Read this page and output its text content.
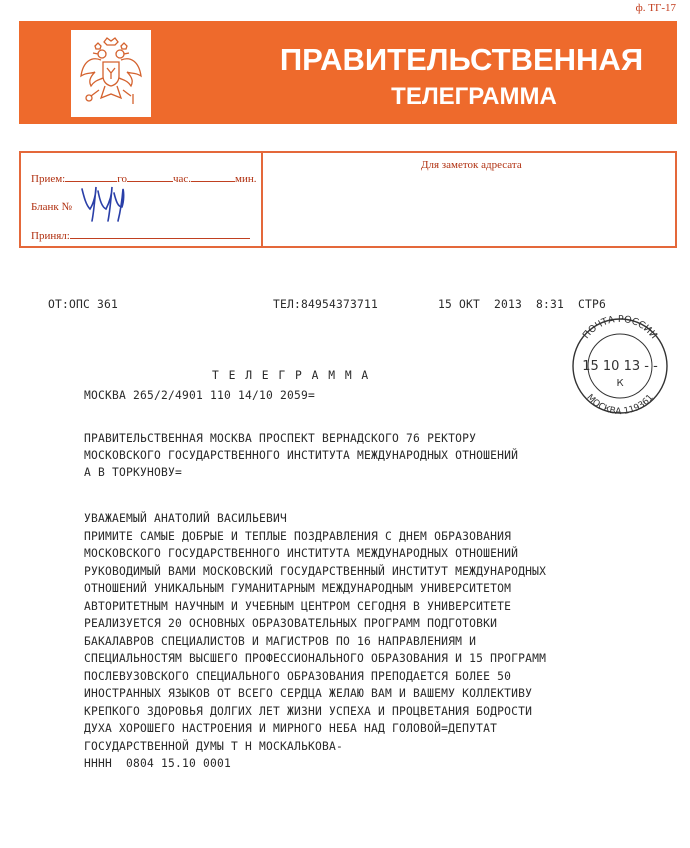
ф. ТГ-17
ПРАВИТЕЛЬСТВЕННАЯ
ТЕЛЕГРАММА
Прием:	го	час.	мин.
Бланк №
Принял:
Для заметок адресата
ОТ:ОПС 361	ТЕЛ:84954373711	15 ОКТ  2013  8:31 СТР6
ПОЧТА РОССИИ
МОСКВА 119361
15 10 13 - -
К
Т Е Л Е Г Р А М М А
МОСКВА 265/2/4901 110 14/10 2059=
ПРАВИТЕЛЬСТВЕННАЯ МОСКВА ПРОСПЕКТ ВЕРНАДСКОГО 76 РЕКТОРУ
МОСКОВСКОГО ГОСУДАРСТВЕННОГО ИНСТИТУТА МЕЖДУНАРОДНЫХ ОТНОШЕНИЙ
А В ТОРКУНОВУ=
УВАЖАЕМЫЙ АНАТОЛИЙ ВАСИЛЬЕВИЧ
ПРИМИТЕ САМЫЕ ДОБРЫЕ И ТЕПЛЫЕ ПОЗДРАВЛЕНИЯ С ДНЕМ ОБРАЗОВАНИЯ
МОСКОВСКОГО ГОСУДАРСТВЕННОГО ИНСТИТУТА МЕЖДУНАРОДНЫХ ОТНОШЕНИЙ
РУКОВОДИМЫЙ ВАМИ МОСКОВСКИЙ ГОСУДАРСТВЕННЫЙ ИНСТИТУТ МЕЖДУНАРОДНЫХ
ОТНОШЕНИЙ УНИКАЛЬНЫМ ГУМАНИТАРНЫМ МЕЖДУНАРОДНЫМ УНИВЕРСИТЕТОМ
АВТОРИТЕТНЫМ НАУЧНЫМ И УЧЕБНЫМ ЦЕНТРОМ СЕГОДНЯ В УНИВЕРСИТЕТЕ
РЕАЛИЗУЕТСЯ 20 ОСНОВНЫХ ОБРАЗОВАТЕЛЬНЫХ ПРОГРАММ ПОДГОТОВКИ
БАКАЛАВРОВ СПЕЦИАЛИСТОВ И МАГИСТРОВ ПО 16 НАПРАВЛЕНИЯМ И
СПЕЦИАЛЬНОСТЯМ ВЫСШЕГО ПРОФЕССИОНАЛЬНОГО ОБРАЗОВАНИЯ И 15 ПРОГРАММ
ПОСЛЕВУЗОВСКОГО СПЕЦИАЛЬНОГО ОБРАЗОВАНИЯ ПРЕПОДАЕТСЯ БОЛЕЕ 50
ИНОСТРАННЫХ ЯЗЫКОВ ОТ ВСЕГО СЕРДЦА ЖЕЛАЮ ВАМ И ВАШЕМУ КОЛЛЕКТИВУ
КРЕПКОГО ЗДОРОВЬЯ ДОЛГИХ ЛЕТ ЖИЗНИ УСПЕХА И ПРОЦВЕТАНИЯ БОДРОСТИ
ДУХА ХОРОШЕГО НАСТРОЕНИЯ И МИРНОГО НЕБА НАД ГОЛОВОЙ=ДЕПУТАТ
ГОСУДАРСТВЕННОЙ ДУМЫ Т Н МОСКАЛЬКОВА-
НННН  0804 15.10 0001
